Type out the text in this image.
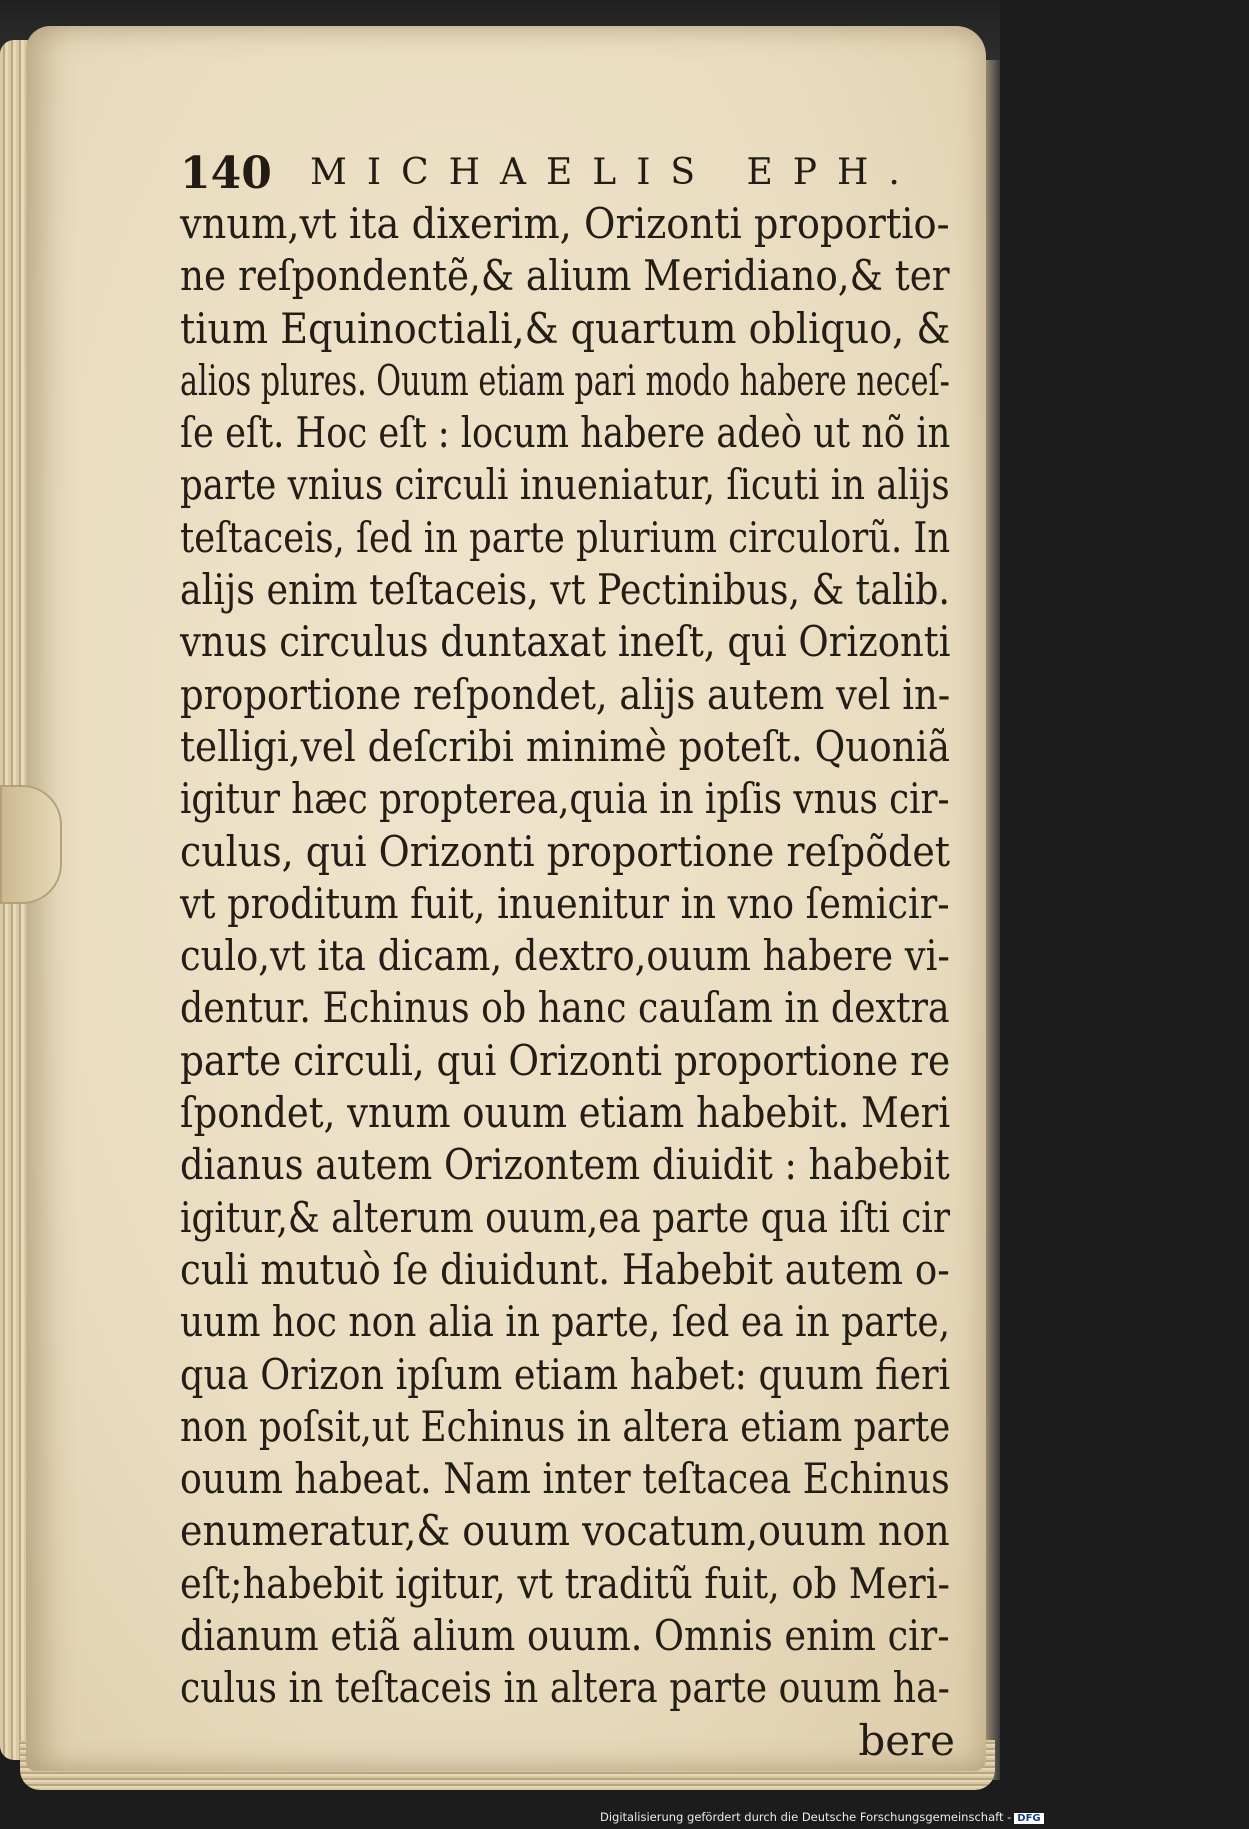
140 MICHAELIS EPH.
vnum,vt ita dixerim, Orizonti proportio-
ne reſpondentẽ,& alium Meridiano,& ter
tium Equinoctiali,& quartum obliquo, &
alios plures. Ouum etiam pari modo habere neceſ-
ſe eſt. Hoc eſt : locum habere adeò ut nõ in
parte vnius circuli inueniatur, ſicuti in alijs
teſtaceis, ſed in parte plurium circulorũ. In
alijs enim teſtaceis, vt Pectinibus, & talib.
vnus circulus duntaxat ineſt, qui Orizonti
proportione reſpondet, alijs autem vel in-
telligi,vel deſcribi minimè poteſt. Quoniã
igitur hæc propterea,quia in ipſis vnus cir-
culus, qui Orizonti proportione reſpõdet
vt proditum fuit, inuenitur in vno ſemicir-
culo,vt ita dicam, dextro,ouum habere vi-
dentur. Echinus ob hanc cauſam in dextra
parte circuli, qui Orizonti proportione re
ſpondet, vnum ouum etiam habebit. Meri
dianus autem Orizontem diuidit : habebit
igitur,& alterum ouum,ea parte qua iſti cir
culi mutuò ſe diuidunt. Habebit autem o-
uum hoc non alia in parte, ſed ea in parte,
qua Orizon ipſum etiam habet: quum fieri
non poſsit,ut Echinus in altera etiam parte
ouum habeat. Nam inter teſtacea Echinus
enumeratur,& ouum vocatum,ouum non
eſt;habebit igitur, vt traditũ fuit, ob Meri-
dianum etiã alium ouum. Omnis enim cir-
culus in teſtaceis in altera parte ouum ha-
bere
Digitalisierung gefördert durch die Deutsche Forschungsgemeinschaft - DFG
